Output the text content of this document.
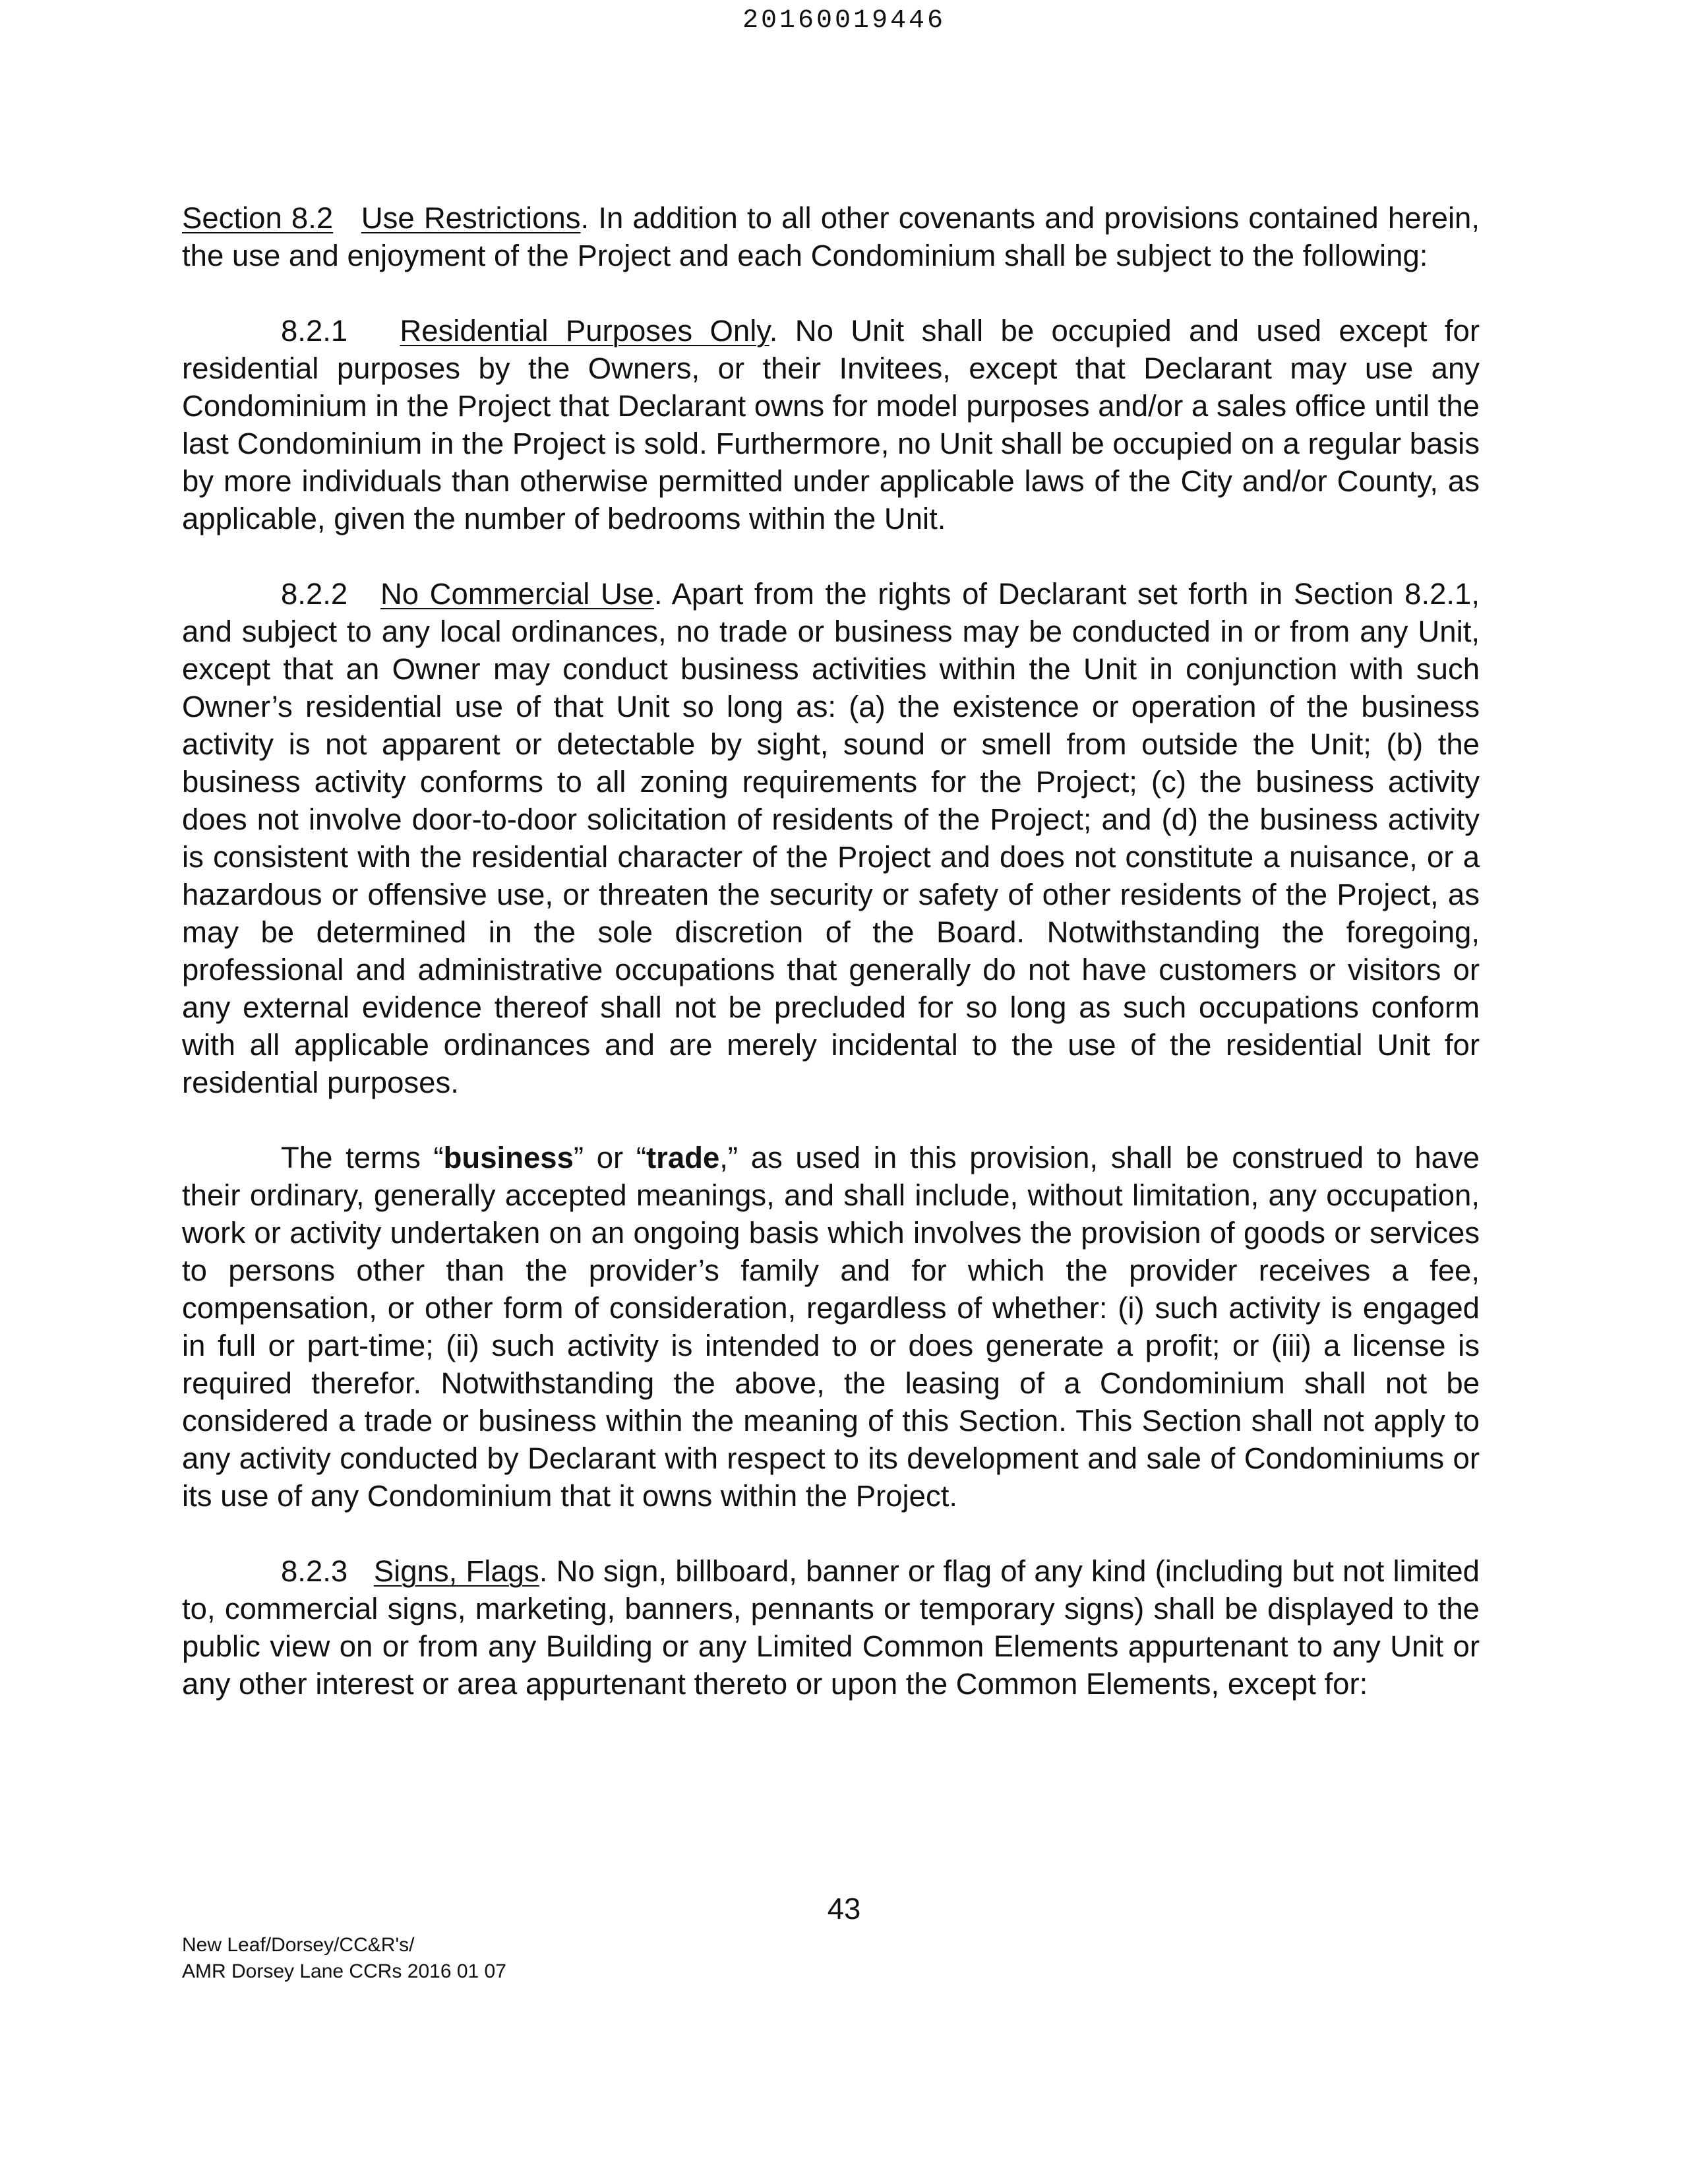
20160019446

Section 8.2 Use Restrictions. In addition to all other covenants and provisions contained herein, the use and enjoyment of the Project and each Condominium shall be subject to the following:

8.2.1 Residential Purposes Only. No Unit shall be occupied and used except for residential purposes by the Owners, or their Invitees, except that Declarant may use any Condominium in the Project that Declarant owns for model purposes and/or a sales office until the last Condominium in the Project is sold. Furthermore, no Unit shall be occupied on a regular basis by more individuals than otherwise permitted under applicable laws of the City and/or County, as applicable, given the number of bedrooms within the Unit.

8.2.2 No Commercial Use. Apart from the rights of Declarant set forth in Section 8.2.1, and subject to any local ordinances, no trade or business may be conducted in or from any Unit, except that an Owner may conduct business activities within the Unit in conjunction with such Owner’s residential use of that Unit so long as: (a) the existence or operation of the business activity is not apparent or detectable by sight, sound or smell from outside the Unit; (b) the business activity conforms to all zoning requirements for the Project; (c) the business activity does not involve door-to-door solicitation of residents of the Project; and (d) the business activity is consistent with the residential character of the Project and does not constitute a nuisance, or a hazardous or offensive use, or threaten the security or safety of other residents of the Project, as may be determined in the sole discretion of the Board. Notwithstanding the foregoing, professional and administrative occupations that generally do not have customers or visitors or any external evidence thereof shall not be precluded for so long as such occupations conform with all applicable ordinances and are merely incidental to the use of the residential Unit for residential purposes.

The terms “business” or “trade,” as used in this provision, shall be construed to have their ordinary, generally accepted meanings, and shall include, without limitation, any occupation, work or activity undertaken on an ongoing basis which involves the provision of goods or services to persons other than the provider’s family and for which the provider receives a fee, compensation, or other form of consideration, regardless of whether: (i) such activity is engaged in full or part-time; (ii) such activity is intended to or does generate a profit; or (iii) a license is required therefor. Notwithstanding the above, the leasing of a Condominium shall not be considered a trade or business within the meaning of this Section. This Section shall not apply to any activity conducted by Declarant with respect to its development and sale of Condominiums or its use of any Condominium that it owns within the Project.

8.2.3 Signs, Flags. No sign, billboard, banner or flag of any kind (including but not limited to, commercial signs, marketing, banners, pennants or temporary signs) shall be displayed to the public view on or from any Building or any Limited Common Elements appurtenant to any Unit or any other interest or area appurtenant thereto or upon the Common Elements, except for:

43
New Leaf/Dorsey/CC&R's/
AMR Dorsey Lane CCRs 2016 01 07
